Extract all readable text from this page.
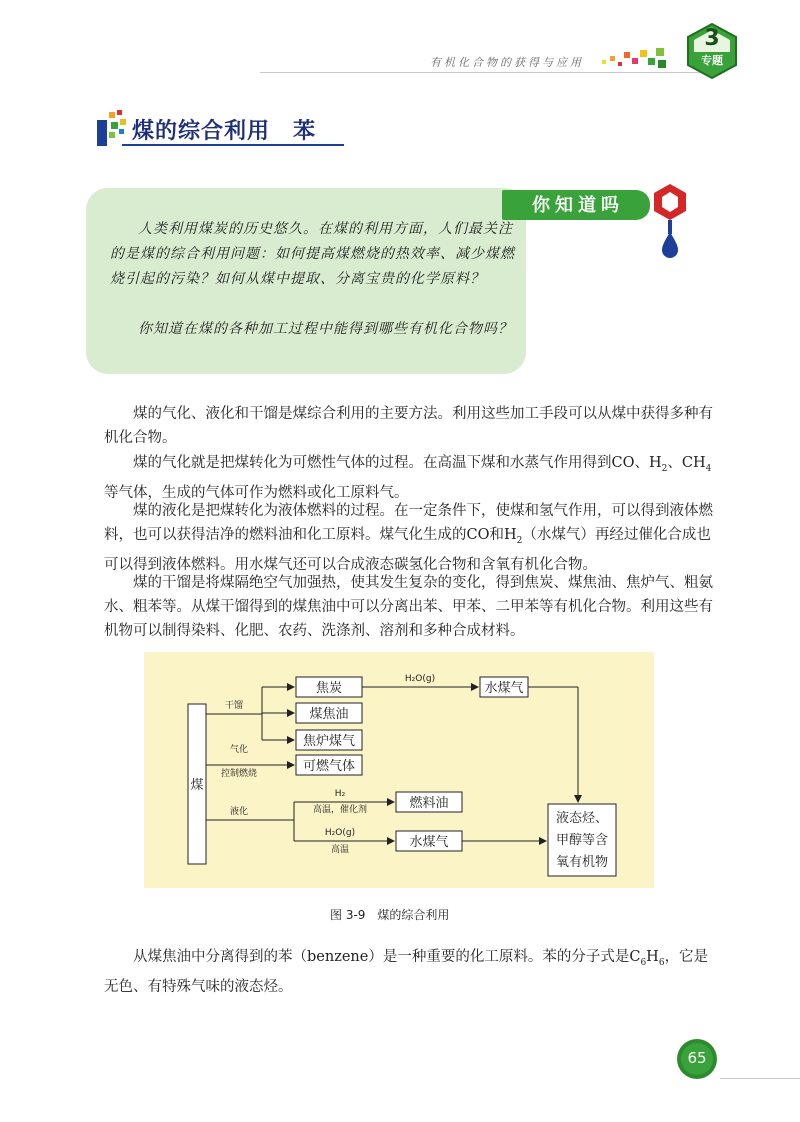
有机化合物的获得与应用
3
专题
煤的综合利用　苯
你知道吗
人类利用煤炭的历史悠久。在煤的利用方面，人们最关注的是煤的综合利用问题：如何提高煤燃烧的热效率、减少煤燃烧引起的污染？如何从煤中提取、分离宝贵的化学原料？
你知道在煤的各种加工过程中能得到哪些有机化合物吗？
煤的气化、液化和干馏是煤综合利用的主要方法。利用这些加工手段可以从煤中获得多种有机化合物。
煤的气化就是把煤转化为可燃性气体的过程。在高温下煤和水蒸气作用得到CO、$H_2$、$CH_4$等气体，生成的气体可作为燃料或化工原料气。
煤的液化是把煤转化为液体燃料的过程。在一定条件下，使煤和氢气作用，可以得到液体燃料，也可以获得洁净的燃料油和化工原料。煤气化生成的CO和$H_2$（水煤气）再经过催化合成也可以得到液体燃料。用水煤气还可以合成液态碳氢化合物和含氧有机化合物。
煤的干馏是将煤隔绝空气加强热，使其发生复杂的变化，得到焦炭、煤焦油、焦炉气、粗氨水、粗苯等。从煤干馏得到的煤焦油中可以分离出苯、甲苯、二甲苯等有机化合物。利用这些有机物可以制得染料、化肥、农药、洗涤剂、溶剂和多种合成材料。
煤
焦炭
煤焦油
焦炉煤气
可燃气体
水煤气
燃料油
水煤气
液态烃、
甲醇等含
氧有机物
干馏
气化
控制燃烧
液化
H₂O(g)
H₂
高温，催化剂
H₂O(g)
高温
图 3-9　煤的综合利用
从煤焦油中分离得到的苯（benzene）是一种重要的化工原料。苯的分子式是$C_6H_6$，它是无色、有特殊气味的液态烃。
65
